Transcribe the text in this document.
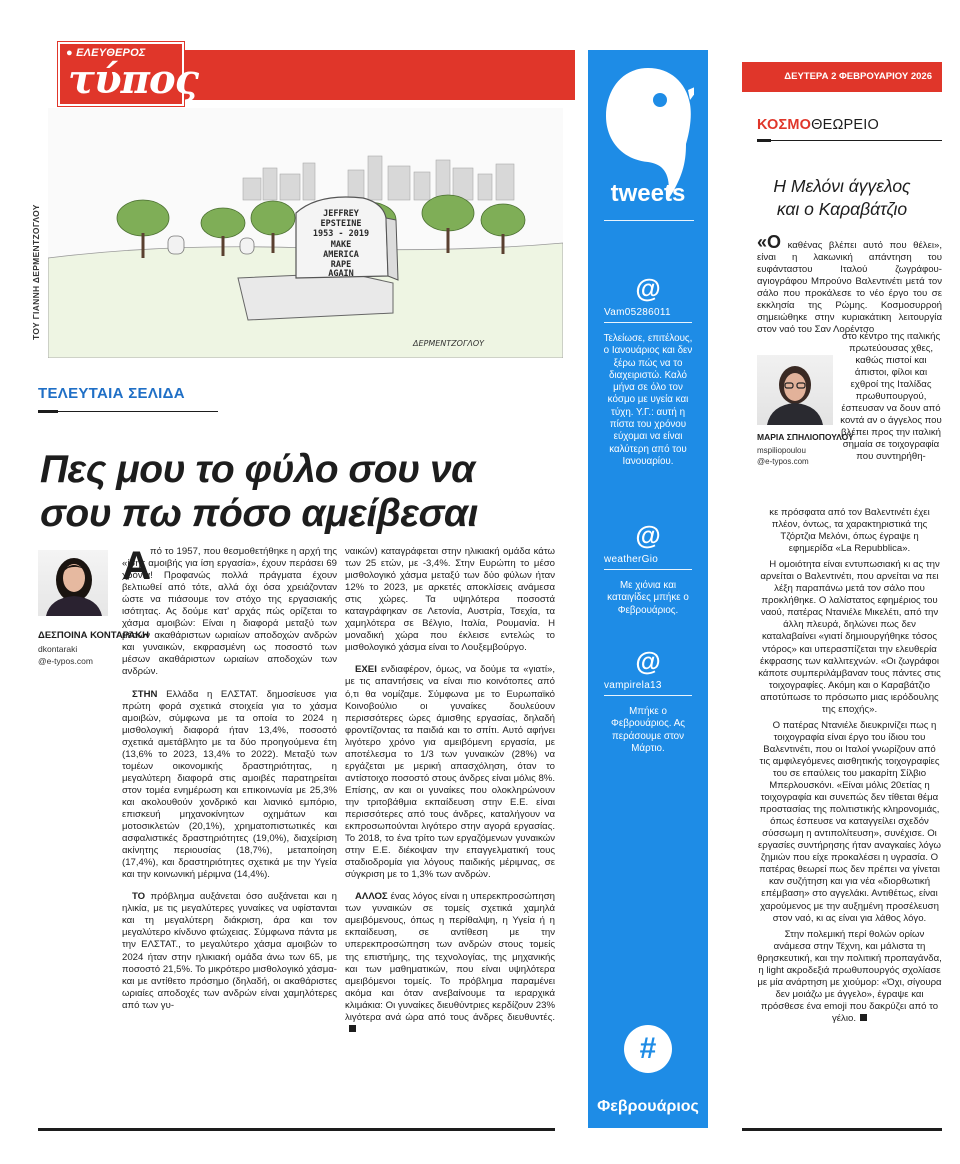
● ΕΛΕΥΘΕΡΟΣ
τύπος
ΤΟΥ ΓΙΑΝΝΗ ΔΕΡΜΕΝΤΖΟΓΛΟΥ	JEFFREY
EPSTEINE
1953 - 2019
MAKE
AMERICA
RAPE
AGAIN
ΔΕΡΜΕΝΤΖΟΓΛΟΥ
ΤΕΛΕΥΤΑΙΑ ΣΕΛΙΔΑ
Πες μου το φύλο σου να
σου πω πόσο αμείβεσαι
ΔΕΣΠΟΙΝΑ ΚΟΝΤΑΡΑΚΗ
dkontaraki
@e-typos.com
Α πό το 1957, που θεσμοθετήθηκε η αρχή της «ίσης αμοιβής για ίση εργασία», έχουν περάσει 69 χρόνια! Προφανώς πολλά πράγματα έχουν βελτιωθεί από τότε, αλλά όχι όσα χρειάζονταν ώστε να πιάσουμε τον στόχο της εργασιακής ισότητας. Ας δούμε κατ' αρχάς πώς ορίζεται το χάσμα αμοιβών: Είναι η διαφορά μεταξύ των μέσων ακαθάριστων ωριαίων αποδοχών ανδρών και γυναικών, εκφρασμένη ως ποσοστό των μέσων ακαθάριστων ωριαίων αποδοχών των ανδρών.

ΣΤΗΝ Ελλάδα η ΕΛΣΤΑΤ. δημοσίευσε για πρώτη φορά σχετικά στοιχεία για το χάσμα αμοιβών, σύμφωνα με τα οποία το 2024 η μισθολογική διαφορά ήταν 13,4%, ποσοστό σχετικά αμετάβλητο με τα δύο προηγούμενα έτη (13,6% το 2023, 13,4% το 2022). Μεταξύ των τομέων οικονομικής δραστηριότητας, η μεγαλύτερη διαφορά στις αμοιβές παρατηρείται στον τομέα ενημέρωση και επικοινωνία με 25,3% και ακολουθούν χονδρικό και λιανικό εμπόριο, επισκευή μηχανοκίνητων οχημάτων και μοτοσικλετών (20,1%), χρηματοπιστωτικές και ασφαλιστικές δραστηριότητες (19,0%), διαχείριση ακίνητης περιουσίας (18,7%), μεταποίηση (17,4%), και δραστηριότητες σχετικά με την Υγεία και την κοινωνική μέριμνα (14,4%).

ΤΟ πρόβλημα αυξάνεται όσο αυξάνεται και η ηλικία, με τις μεγαλύτερες γυναίκες να υφίστανται και τη μεγαλύτερη διάκριση, άρα και τον μεγαλύτερο κίνδυνο φτώχειας. Σύμφωνα πάντα με την ΕΛΣΤΑΤ., το μεγαλύτερο χάσμα αμοιβών το 2024 ήταν στην ηλικιακή ομάδα άνω των 65, με ποσοστό 21,5%. Το μικρότερο μισθολογικό χάσμα-και με αντίθετο πρόσημο (δηλαδή, οι ακαθάριστες ωριαίες αποδοχές των ανδρών είναι χαμηλότερες από των γυ-

ναικών) καταγράφεται στην ηλικιακή ομάδα κάτω των 25 ετών, με -3,4%. Στην Ευρώπη το μέσο μισθολογικό χάσμα μεταξύ των δύο φύλων ήταν 12% το 2023, με αρκετές αποκλίσεις ανάμεσα στις χώρες. Τα υψηλότερα ποσοστά καταγράφηκαν σε Λετονία, Αυστρία, Τσεχία, τα χαμηλότερα σε Βέλγιο, Ιταλία, Ρουμανία. Η μοναδική χώρα που έκλεισε εντελώς το μισθολογικό χάσμα είναι το Λουξεμβούργο.

ΕΧΕΙ ενδιαφέρον, όμως, να δούμε τα «γιατί», με τις απαντήσεις να είναι πιο κοινότοπες από ό,τι θα νομίζαμε. Σύμφωνα με το Ευρωπαϊκό Κοινοβούλιο οι γυναίκες δουλεύουν περισσότερες ώρες άμισθης εργασίας, δηλαδή φροντίζοντας τα παιδιά και το σπίτι. Αυτό αφήνει λιγότερο χρόνο για αμειβόμενη εργασία, με αποτέλεσμα το 1/3 των γυναικών (28%) να εργάζεται με μερική απασχόληση, όταν το αντίστοιχο ποσοστό στους άνδρες είναι μόλις 8%. Επίσης, αν και οι γυναίκες που ολοκληρώνουν την τριτοβάθμια εκπαίδευση στην Ε.Ε. είναι περισσότερες από τους άνδρες, καταλήγουν να εκπροσωπούνται λιγότερο στην αγορά εργασίας. Το 2018, το ένα τρίτο των εργαζόμενων γυναικών στην Ε.Ε. διέκοψαν την επαγγελματική τους σταδιοδρομία για λόγους παιδικής μέριμνας, σε σύγκριση με το 1,3% των ανδρών.

ΑΛΛΟΣ ένας λόγος είναι η υπερεκπροσώπηση των γυναικών σε τομείς σχετικά χαμηλά αμειβόμενους, όπως η περίθαλψη, η Υγεία ή η εκπαίδευση, σε αντίθεση με την υπερεκπροσώπηση των ανδρών στους τομείς της επιστήμης, της τεχνολογίας, της μηχανικής και των μαθηματικών, που είναι υψηλότερα αμειβόμενοι τομείς. Το πρόβλημα παραμένει ακόμα και όταν ανεβαίνουμε τα ιεραρχικά κλιμάκια: Οι γυναίκες διευθύντριες κερδίζουν 23% λιγότερα ανά ώρα από τους άνδρες διευθυντές.

tweets
@
Vam05286011
Τελείωσε, επιτέλους, ο Ιανουάριος και δεν ξέρω πώς να το διαχειριστώ. Καλό μήνα σε όλο τον κόσμο με υγεία και τύχη. Υ.Γ.: αυτή η πίστα του χρόνου εύχομαι να είναι καλύτερη από του Ιανουαρίου.
@
weatherGio
Με χιόνια και καταιγίδες μπήκε ο Φεβρουάριος.
@
vampirela13
Μπήκε ο Φεβρουάριος. Ας περάσουμε στον Μάρτιο.
#
Φεβρουάριος
ΔΕΥΤΕΡΑ 2 ΦΕΒΡΟΥΑΡΙΟΥ 2026
ΚΟΣΜΟΘΕΩΡΕΙΟ
Η Μελόνι άγγελος
και ο Καραβάτζιο

«Ο καθένας βλέπει αυτό που θέλει», είναι η λακωνική απάντηση του ευφάνταστου Ιταλού ζωγράφου-αγιογράφου Μπρούνο Βαλεντινέτι μετά τον σάλο που προκάλεσε το νέο έργο του σε εκκλησία της Ρώμης. Κοσμοσυρροή σημειώθηκε στην κυριακάτικη λειτουργία στον ναό του Σαν Λορέντσο

ΜΑΡΙΑ ΣΠΗΛΙΟΠΟΥΛΟΥ
mspiliopoulou
@e-typos.com

στο κέντρο της ιταλικής πρωτεύουσας χθες, καθώς πιστοί και άπιστοι, φίλοι και εχθροί της Ιταλίδας πρωθυπουργού, έσπευσαν να δουν από κοντά αν ο άγγελος που βλέπει προς την ιταλική σημαία σε τοιχογραφία που συντηρήθη-

κε πρόσφατα από τον Βαλεντινέτι έχει πλέον, όντως, τα χαρακτηριστικά της Τζόρτζια Μελόνι, όπως έγραψε η εφημερίδα «La Repubblica».

Η ομοιότητα είναι εντυπωσιακή κι ας την αρνείται ο Βαλεντινέτι, που αρνείται να πει λέξη παραπάνω μετά τον σάλο που προκλήθηκε. Ο λαλίστατος εφημέριος του ναού, πατέρας Ντανιέλε Μικελέτι, από την άλλη πλευρά, δηλώνει πως δεν καταλαβαίνει «γιατί δημιουργήθηκε τόσος ντόρος» και υπερασπίζεται την ελευθερία έκφρασης των καλλιτεχνών. «Οι ζωγράφοι κάποτε συμπεριλάμβαναν τους πάντες στις τοιχογραφίες. Ακόμη και ο Καραβάτζιο αποτύπωσε το πρόσωπο μιας ιερόδουλης της εποχής».

Ο πατέρας Ντανιέλε διευκρινίζει πως η τοιχογραφία είναι έργο του ίδιου του Βαλεντινέτι, που οι Ιταλοί γνωρίζουν από τις αμφιλεγόμενες αισθητικής τοιχογραφίες του σε επαύλεις του μακαρίτη Σίλβιο Μπερλουσκόνι. «Είναι μόλις 20ετίας η τοιχογραφία και συνεπώς δεν τίθεται θέμα προστασίας της πολιτιστικής κληρονομιάς, όπως έσπευσε να καταγγείλει σχεδόν σύσσωμη η αντιπολίτευση», συνέχισε. Οι εργασίες συντήρησης ήταν αναγκαίες λόγω ζημιών που είχε προκαλέσει η υγρασία. Ο πατέρας θεωρεί πως δεν πρέπει να γίνεται καν συζήτηση και για νέα «διορθωτική επέμβαση» στο αγγελάκι. Αντιθέτως, είναι χαρούμενος με την αυξημένη προσέλευση στον ναό, κι ας είναι για λάθος λόγο.

Στην πολεμική περί θολών ορίων ανάμεσα στην Τέχνη, και μάλιστα τη θρησκευτική, και την πολιτική προπαγάνδα, η light ακροδεξιά πρωθυπουργός σχολίασε με μία ανάρτηση με χιούμορ: «Όχι, σίγουρα δεν μοιάζω με άγγελο», έγραψε και πρόσθεσε ένα emoji που δακρύζει από το γέλιο.
